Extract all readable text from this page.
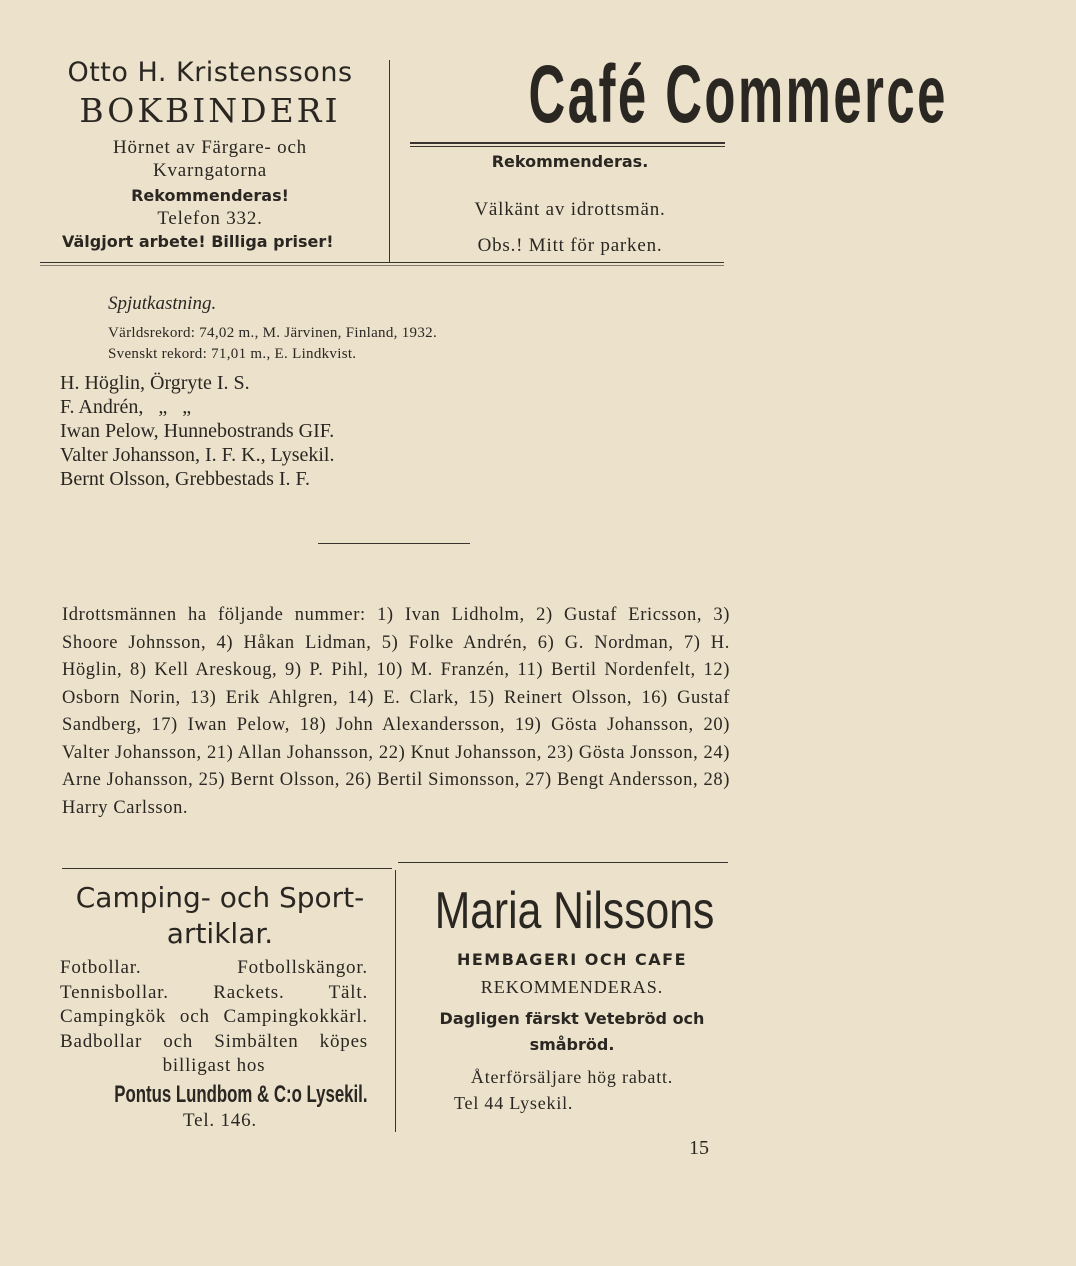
Otto H. Kristenssons
BOKBINDERI
Hörnet av Färgare- och
Kvarngatorna
Rekommenderas!
Telefon 332.
Välgjort arbete! Billiga priser!
Café Commerce
Rekommenderas.
Välkänt av idrottsmän.
Obs.! Mitt för parken.
Spjutkastning.
Världsrekord: 74,02 m., M. Järvinen, Finland, 1932.
Svenskt rekord: 71,01 m., E. Lindkvist.
H. Höglin, Örgryte I. S.
F. Andrén,   „   „
Iwan Pelow, Hunnebostrands GIF.
Valter Johansson, I. F. K., Lysekil.
Bernt Olsson, Grebbestads I. F.
Idrottsmännen ha följande nummer: 1) Ivan Lidholm, 2) Gustaf Ericsson, 3) Shoore Johnsson, 4) Håkan Lidman, 5) Folke Andrén, 6) G. Nordman, 7) H. Höglin, 8) Kell Areskoug, 9) P. Pihl, 10) M. Franzén, 11) Bertil Nordenfelt, 12) Osborn Norin, 13) Erik Ahlgren, 14) E. Clark, 15) Reinert Olsson, 16) Gustaf Sandberg, 17) Iwan Pelow, 18) John Alexandersson, 19) Gösta Johansson, 20) Valter Johansson, 21) Allan Johansson, 22) Knut Johansson, 23) Gösta Jonsson, 24) Arne Johansson, 25) Bernt Olsson, 26) Bertil Simonsson, 27) Bengt Andersson, 28) Harry Carlsson.
Camping- och Sport-
artiklar.
Fotbollar. Fotbollskängor. Tennisbollar. Rackets. Tält. Campingkök och Campingkokkärl. Badbollar och Simbälten köpes billigast hos
Pontus Lundbom & C:o Lysekil.
Tel. 146.
Maria Nilssons
HEMBAGERI OCH CAFE
REKOMMENDERAS.
Dagligen färskt Vetebröd och småbröd.
Återförsäljare hög rabatt.
Tel 44 Lysekil.
15
